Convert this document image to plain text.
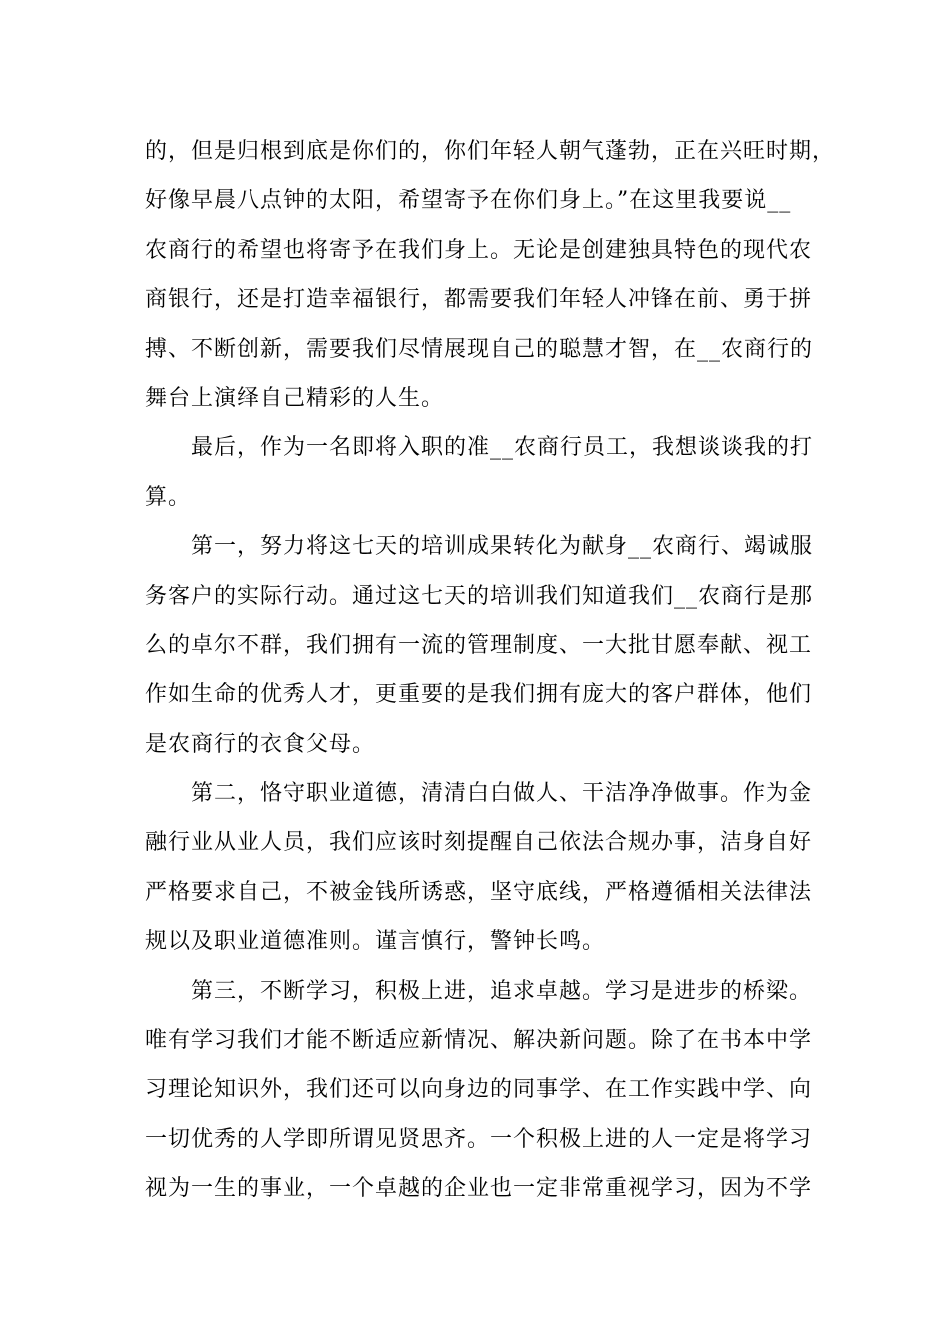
的，但是归根到底是你们的，你们年轻人朝气蓬勃，正在兴旺时期，
好像早晨八点钟的太阳，希望寄予在你们身上。”在这里我要说__
农商行的希望也将寄予在我们身上。无论是创建独具特色的现代农
商银行，还是打造幸福银行，都需要我们年轻人冲锋在前、勇于拼
搏、不断创新，需要我们尽情展现自己的聪慧才智，在__农商行的
舞台上演绎自己精彩的人生。
最后，作为一名即将入职的准__农商行员工，我想谈谈我的打
算。
第一，努力将这七天的培训成果转化为献身__农商行、竭诚服
务客户的实际行动。通过这七天的培训我们知道我们__农商行是那
么的卓尔不群，我们拥有一流的管理制度、一大批甘愿奉献、视工
作如生命的优秀人才，更重要的是我们拥有庞大的客户群体，他们
是农商行的衣食父母。
第二，恪守职业道德，清清白白做人、干洁净净做事。作为金
融行业从业人员，我们应该时刻提醒自己依法合规办事，洁身自好
严格要求自己，不被金钱所诱惑，坚守底线，严格遵循相关法律法
规以及职业道德准则。谨言慎行，警钟长鸣。
第三，不断学习，积极上进，追求卓越。学习是进步的桥梁。
唯有学习我们才能不断适应新情况、解决新问题。除了在书本中学
习理论知识外，我们还可以向身边的同事学、在工作实践中学、向
一切优秀的人学即所谓见贤思齐。一个积极上进的人一定是将学习
视为一生的事业，一个卓越的企业也一定非常重视学习，因为不学
